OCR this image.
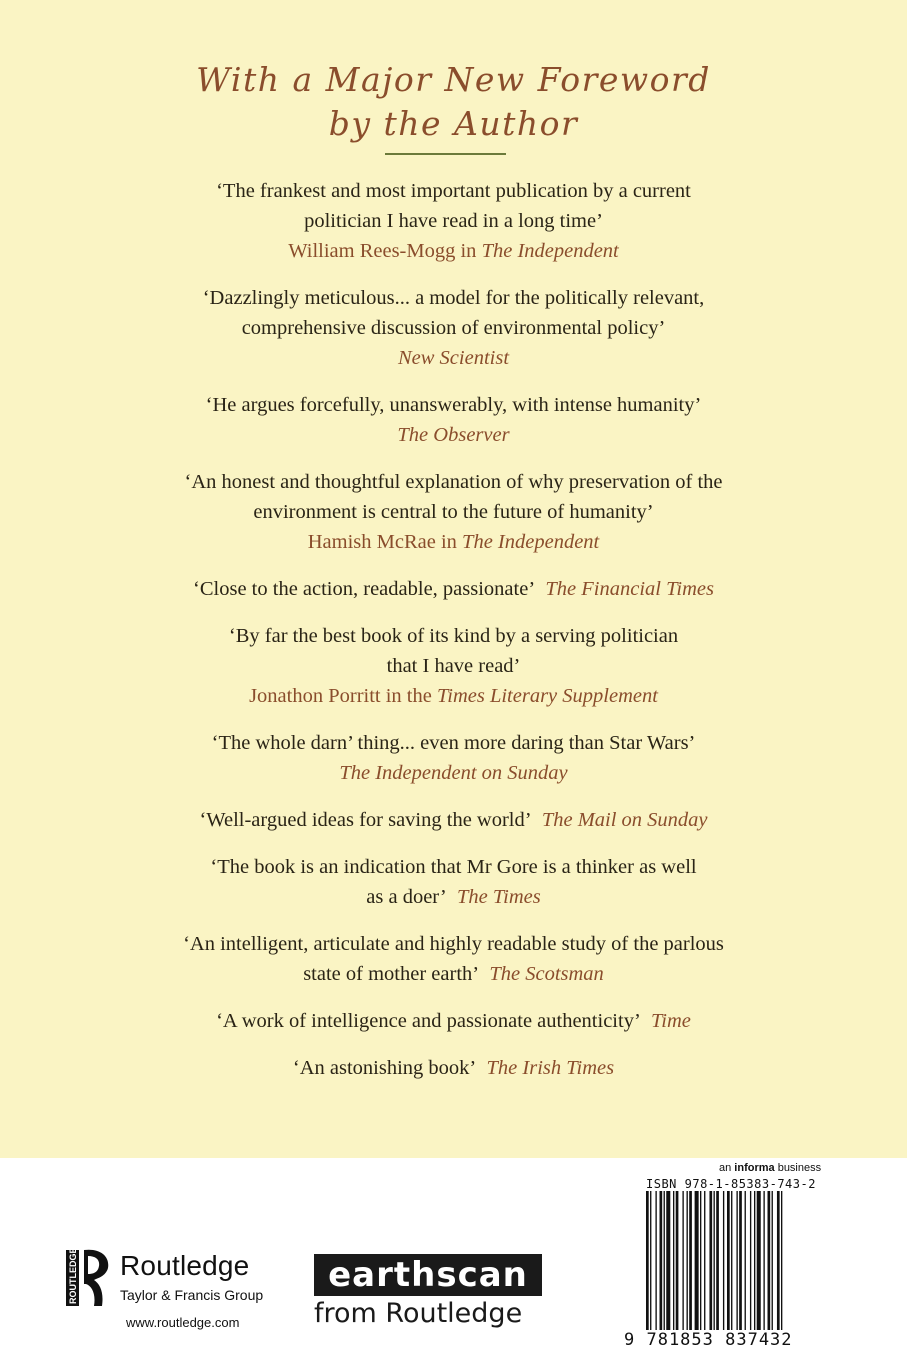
With a Major New Foreword
by the Author
‘The frankest and most important publication by a current
politician I have read in a long time’
William Rees-Mogg in The Independent
‘Dazzlingly meticulous... a model for the politically relevant,
comprehensive discussion of environmental policy’
New Scientist
‘He argues forcefully, unanswerably, with intense humanity’
The Observer
‘An honest and thoughtful explanation of why preservation of the
environment is central to the future of humanity’
Hamish McRae in The Independent
‘Close to the action, readable, passionate’ The Financial Times
‘By far the best book of its kind by a serving politician
that I have read’
Jonathon Porritt in the Times Literary Supplement
‘The whole darn’ thing... even more daring than Star Wars’
The Independent on Sunday
‘Well-argued ideas for saving the world’ The Mail on Sunday
‘The book is an indication that Mr Gore is a thinker as well
as a doer’ The Times
‘An intelligent, articulate and highly readable study of the parlous
state of mother earth’ The Scotsman
‘A work of intelligence and passionate authenticity’ Time
‘An astonishing book’ The Irish Times
ROUTLEDGE Routledge
Taylor & Francis Group
www.routledge.com
earthscan
from Routledge
an informa business
ISBN 978-1-85383-743-2
9 781853 837432
